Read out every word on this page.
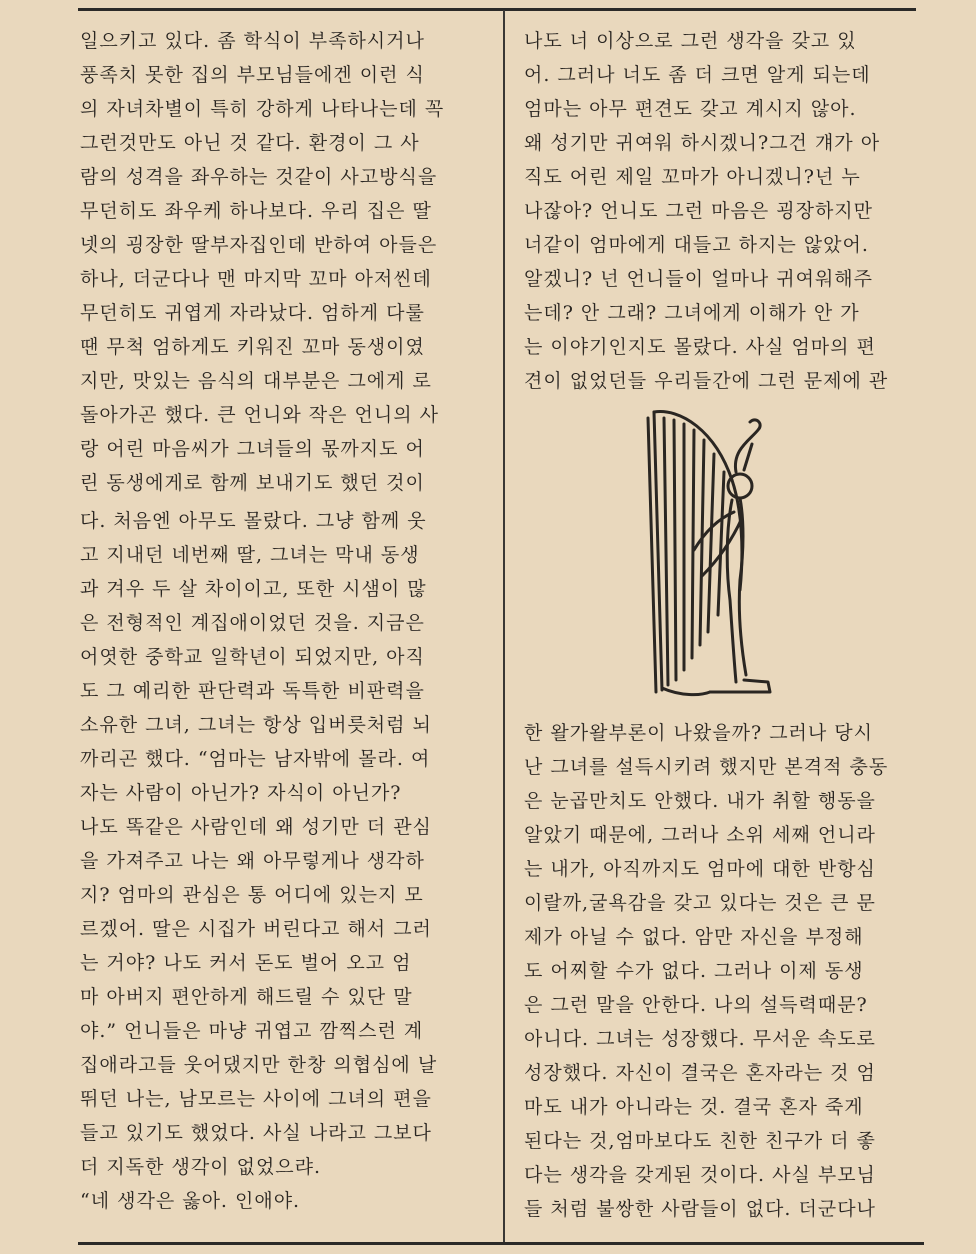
일으키고 있다. 좀 학식이 부족하시거나
풍족치 못한 집의 부모님들에겐 이런 식
의 자녀차별이 특히 강하게 나타나는데 꼭
그런것만도 아닌 것 같다. 환경이 그 사
람의 성격을 좌우하는 것같이 사고방식을
무던히도 좌우케 하나보다. 우리 집은 딸
넷의 굉장한 딸부자집인데 반하여 아들은
하나, 더군다나 맨 마지막 꼬마 아저씬데
무던히도 귀엽게 자라났다. 엄하게 다룰
땐 무척 엄하게도 키워진 꼬마 동생이였
지만, 맛있는 음식의 대부분은 그에게 로
돌아가곤 했다. 큰 언니와 작은 언니의 사
랑 어린 마음씨가 그녀들의 몫까지도 어
린 동생에게로 함께 보내기도 했던 것이
다. 처음엔 아무도 몰랐다. 그냥 함께 웃
고 지내던 네번째 딸, 그녀는 막내 동생
과 겨우 두 살 차이이고, 또한 시샘이 많
은 전형적인 계집애이었던 것을. 지금은
어엿한 중학교 일학년이 되었지만, 아직
도 그 예리한 판단력과 독특한 비판력을
소유한 그녀, 그녀는 항상 입버릇처럼 뇌
까리곤 했다. “엄마는 남자밖에 몰라. 여
자는 사람이 아닌가? 자식이 아닌가?
나도 똑같은 사람인데 왜 성기만 더 관심
을 가져주고 나는 왜 아무렇게나 생각하
지? 엄마의 관심은 통 어디에 있는지 모
르겠어. 딸은 시집가 버린다고 해서 그러
는 거야? 나도 커서 돈도 벌어 오고 엄
마 아버지 편안하게 해드릴 수 있단 말
야.” 언니들은 마냥 귀엽고 깜찍스런 계
집애라고들 웃어댔지만 한창 의협심에 날
뛰던 나는, 남모르는 사이에 그녀의 편을
들고 있기도 했었다. 사실 나라고 그보다
더 지독한 생각이 없었으랴.
“네 생각은 옳아. 인애야.
나도 너 이상으로 그런 생각을 갖고 있
어. 그러나 너도 좀 더 크면 알게 되는데
엄마는 아무 편견도 갖고 계시지 않아.
왜 성기만 귀여워 하시겠니?그건 걔가 아
직도 어린 제일 꼬마가 아니겠니?넌 누
나잖아? 언니도 그런 마음은 굉장하지만
너같이 엄마에게 대들고 하지는 않았어.
알겠니? 넌 언니들이 얼마나 귀여워해주
는데? 안 그래? 그녀에게 이해가 안 가
는 이야기인지도 몰랐다. 사실 엄마의 편
견이 없었던들 우리들간에 그런 문제에 관
한 왈가왈부론이 나왔을까? 그러나 당시
난 그녀를 설득시키려 했지만 본격적 충동
은 눈곱만치도 안했다. 내가 취할 행동을
알았기 때문에, 그러나 소위 세째 언니라
는 내가, 아직까지도 엄마에 대한 반항심
이랄까,굴욕감을 갖고 있다는 것은 큰 문
제가 아닐 수 없다. 암만 자신을 부정해
도 어찌할 수가 없다. 그러나 이제 동생
은 그런 말을 안한다. 나의 설득력때문?
아니다. 그녀는 성장했다. 무서운 속도로
성장했다. 자신이 결국은 혼자라는 것 엄
마도 내가 아니라는 것. 결국 혼자 죽게
된다는 것,엄마보다도 친한 친구가 더 좋
다는 생각을 갖게된 것이다. 사실 부모님
들 처럼 불쌍한 사람들이 없다. 더군다나
